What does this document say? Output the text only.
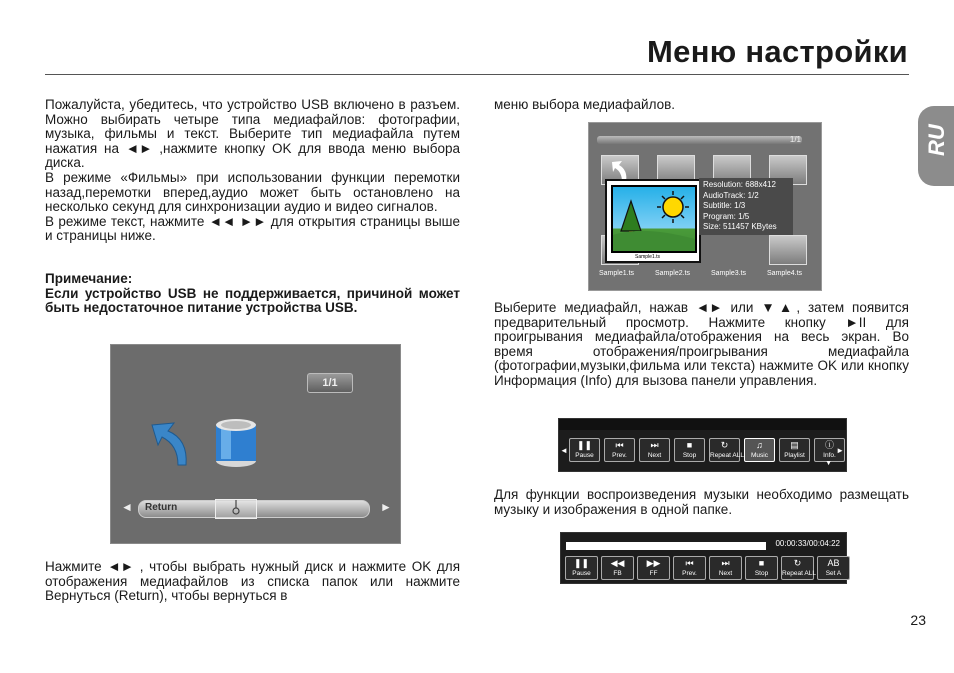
Меню настройки
RU

Пожалуйста, убедитесь, что устройство USB включено в разъем. Можно выбирать четыре типа медиафайлов: фотографии, музыка, фильмы и текст. Выберите тип медиафайла путем нажатия на ◄► ,нажмите кнопку OK для ввода меню выбора диска.

В режиме «Фильмы» при использовании функции перемотки назад,перемотки вперед,аудио может быть остановлено на несколько секунд для синхронизации аудио и видео сигналов.

В режиме текст, нажмите ◄◄ ►► для открытия страницы выше и страницы ниже.

Примечание:

Если устройство USB не поддерживается, причиной может быть недостаточное питание устройства USB.

1/1
◄ Return	►

Нажмите ◄► , чтобы выбрать нужный диск и нажмите OK для отображения медиафайлов из списка папок или нажмите Вернуться (Return), чтобы вернуться в

меню выбора медиафайлов.

1/1
Sample1.ts	Sample2.ts	Sample3.ts	Sample4.ts
Sample1.ts
Resolution: 688x412
AudioTrack: 1/2
Subtitle: 1/3
Program: 1/5
Size: 511457 KBytes

Выберите медиафайл, нажав ◄► или ▼▲, затем появится предварительный просмотр. Нажмите кнопку ►II для проигрывания медиафайла/отображения на весь экран. Во время отображения/проигрывания медиафайла (фотографии,музыки,фильма или текста) нажмите OK или кнопку Информация (Info) для вызова панели управления.

◄
❚❚
Pause
⏮
Prev.
⏭
Next
■
Stop
↻
Repeat ALL
♫
Music
▤
Playlist
ⓘ
Info.
►
▼

Для функции воспроизведения музыки необходимо размещать музыку и изображения в одной папке.

00:00:33/00:04:22
❚❚
Pause
◀◀
FB
▶▶
FF
⏮
Prev.
⏭
Next
■
Stop
↻
Repeat ALL
AB
Set A
23
